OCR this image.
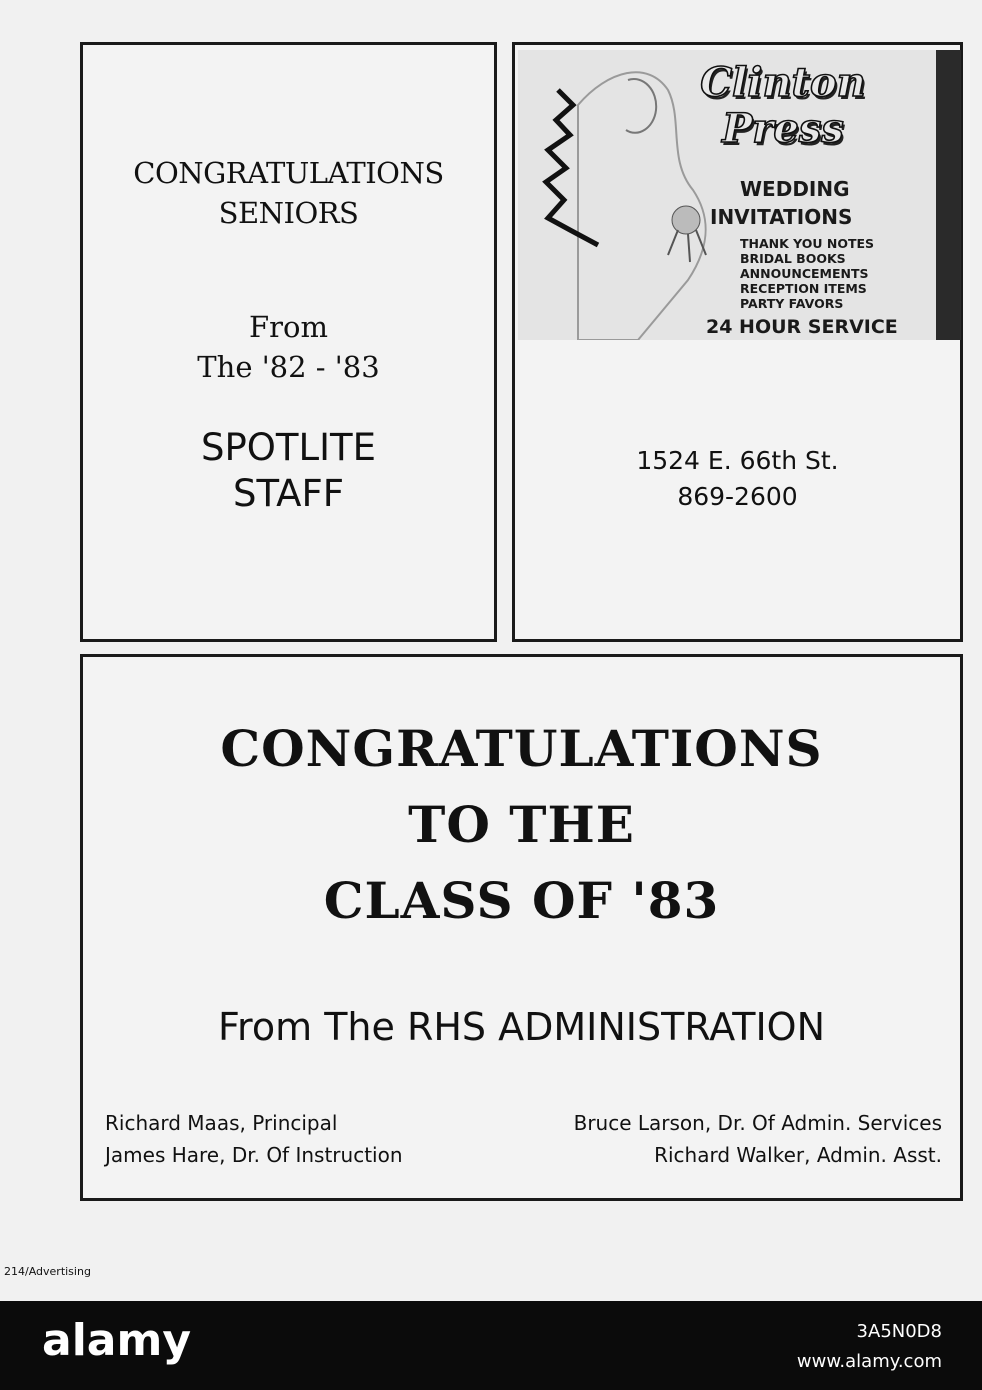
CONGRATULATIONS
SENIORS
From
The '82 - '83
SPOTLITE
STAFF
Clinton
Press
WEDDING
INVITATIONS
THANK YOU NOTES
BRIDAL BOOKS
ANNOUNCEMENTS
RECEPTION ITEMS
PARTY FAVORS
24 HOUR SERVICE
1524 E. 66th St.
869-2600
CONGRATULATIONS
TO THE
CLASS OF '83
From The RHS ADMINISTRATION
Richard Maas, Principal
James Hare, Dr. Of Instruction
Bruce Larson, Dr. Of Admin. Services
Richard Walker, Admin. Asst.
214/Advertising
alamy	3A5N0D8
www.alamy.com
